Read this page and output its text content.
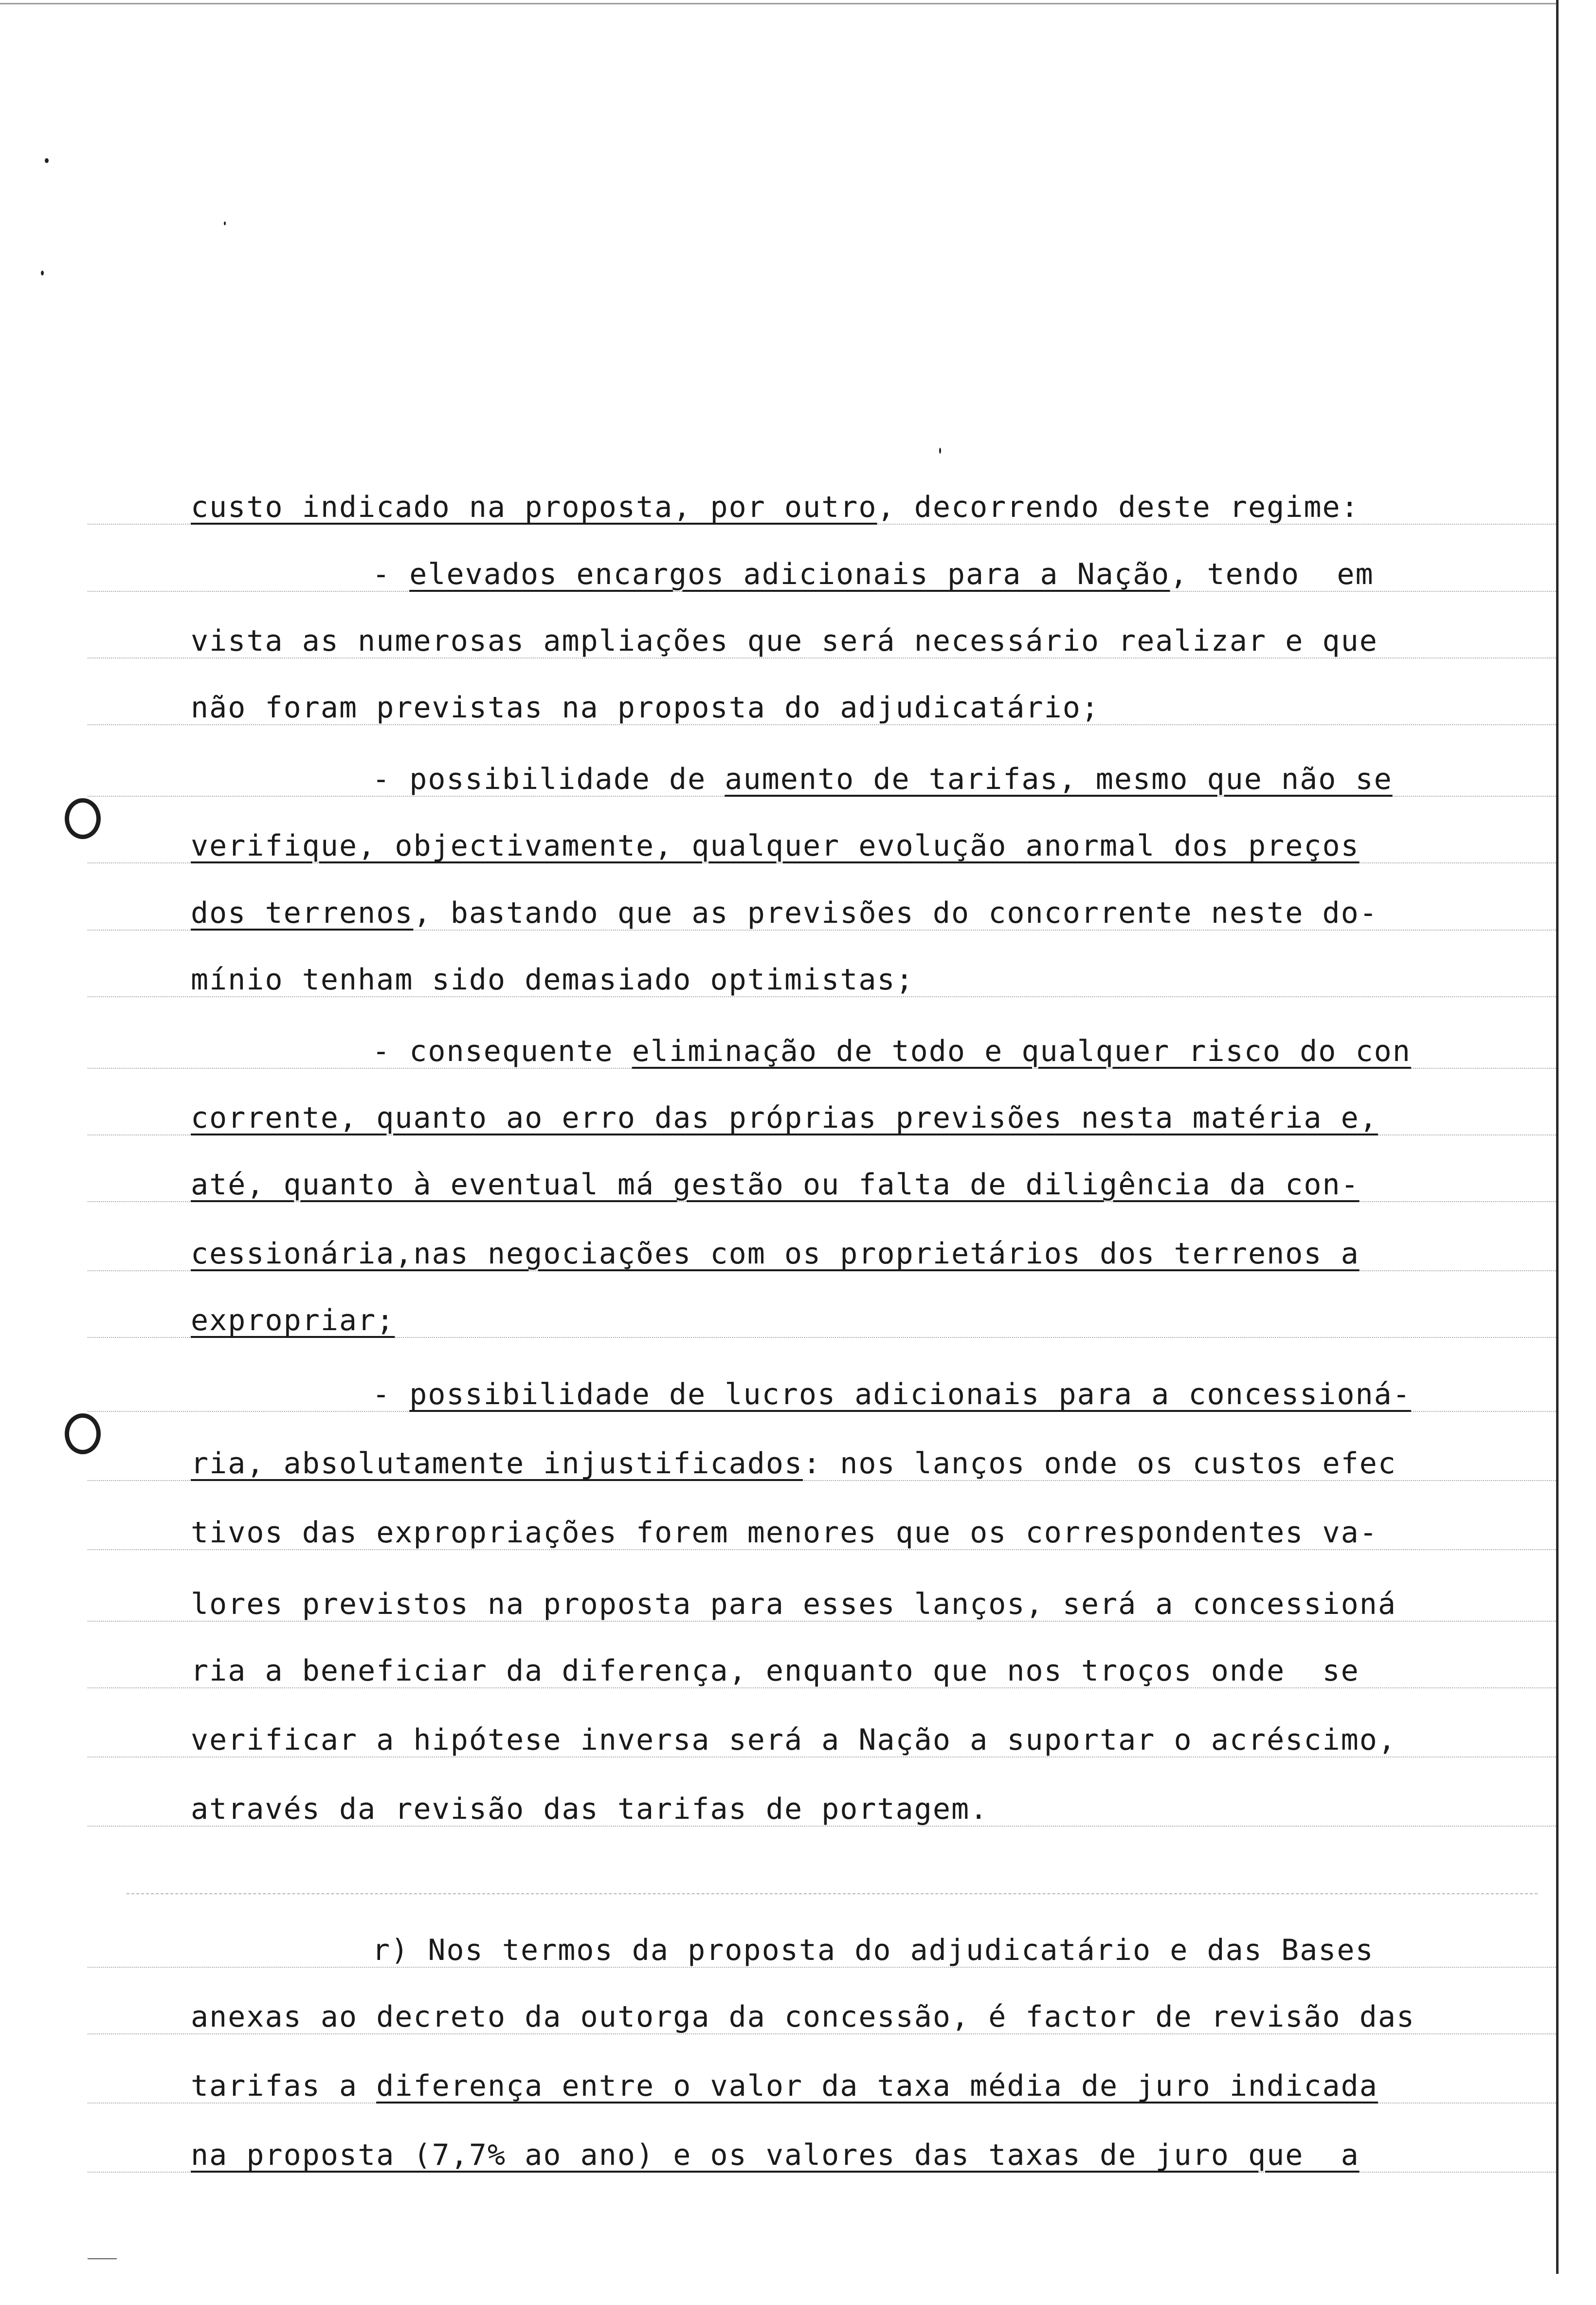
custo indicado na proposta, por outro, decorrendo deste regime:

- elevados encargos adicionais para a Nação, tendo  em

vista as numerosas ampliações que será necessário realizar e que

não foram previstas na proposta do adjudicatário;

- possibilidade de aumento de tarifas, mesmo que não se

verifique, objectivamente, qualquer evolução anormal dos preços

dos terrenos, bastando que as previsões do concorrente neste do-

mínio tenham sido demasiado optimistas;

- consequente eliminação de todo e qualquer risco do con

corrente, quanto ao erro das próprias previsões nesta matéria e,

até, quanto à eventual má gestão ou falta de diligência da con-

cessionária,nas negociações com os proprietários dos terrenos a

expropriar;

- possibilidade de lucros adicionais para a concessioná-

ria, absolutamente injustificados: nos lanços onde os custos efec

tivos das expropriações forem menores que os correspondentes va-

lores previstos na proposta para esses lanços, será a concessioná

ria a beneficiar da diferença, enquanto que nos troços onde  se

verificar a hipótese inversa será a Nação a suportar o acréscimo,

através da revisão das tarifas de portagem.

r) Nos termos da proposta do adjudicatário e das Bases

anexas ao decreto da outorga da concessão, é factor de revisão das

tarifas a diferença entre o valor da taxa média de juro indicada

na proposta (7,7% ao ano) e os valores das taxas de juro que  a
